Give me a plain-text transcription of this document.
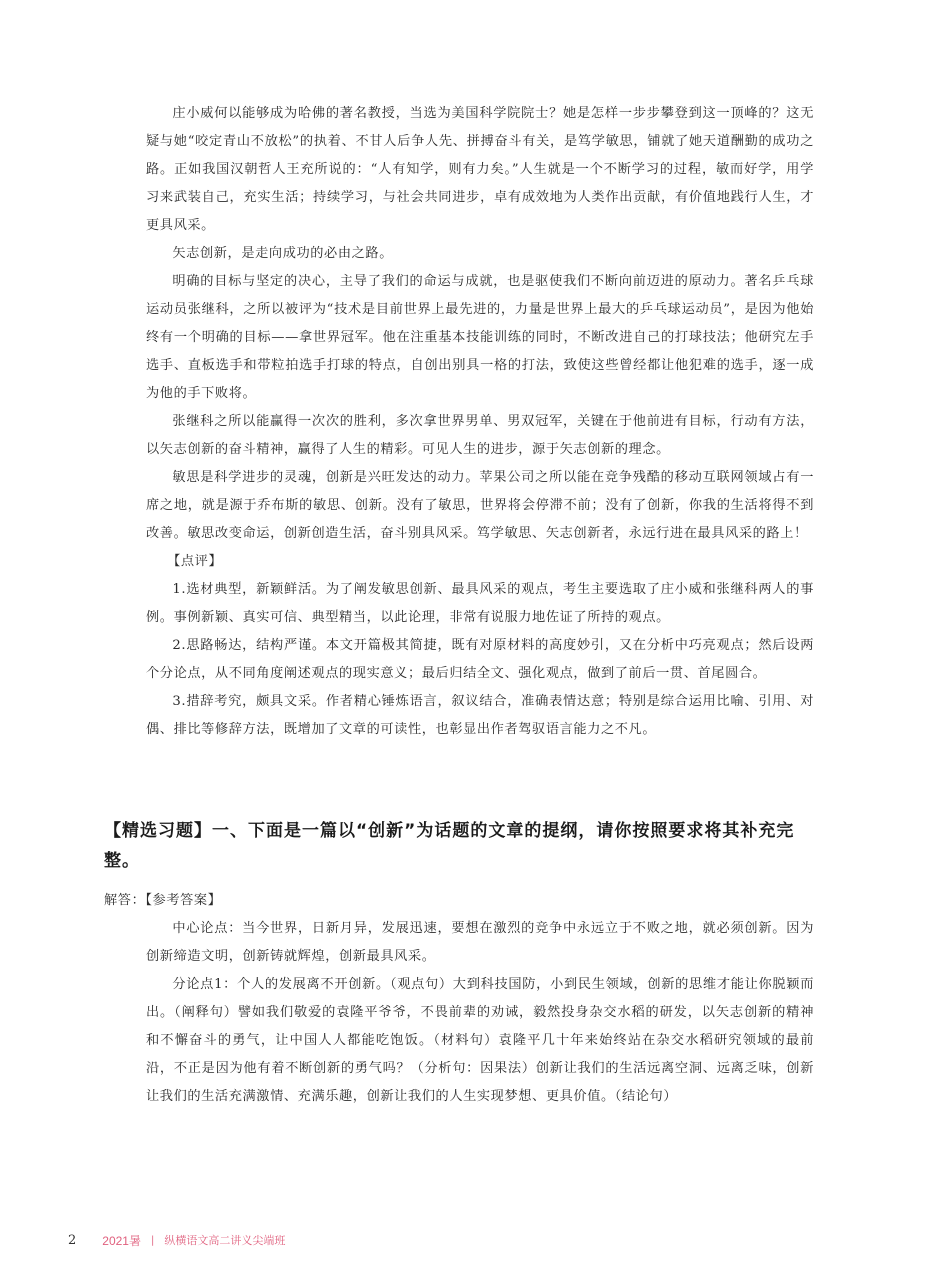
庄小威何以能够成为哈佛的著名教授，当选为美国科学院院士？她是怎样一步步攀登到这一顶峰的？这无疑与她“咬定青山不放松”的执着、不甘人后争人先、拼搏奋斗有关，是笃学敏思，铺就了她天道酬勤的成功之路。正如我国汉朝哲人王充所说的：“人有知学，则有力矣。”人生就是一个不断学习的过程，敏而好学，用学习来武装自己，充实生活；持续学习，与社会共同进步，卓有成效地为人类作出贡献，有价值地践行人生，才更具风采。

矢志创新，是走向成功的必由之路。

明确的目标与坚定的决心，主导了我们的命运与成就，也是驱使我们不断向前迈进的原动力。著名乒乓球运动员张继科，之所以被评为“技术是目前世界上最先进的，力量是世界上最大的乒乓球运动员”，是因为他始终有一个明确的目标——拿世界冠军。他在注重基本技能训练的同时，不断改进自己的打球技法；他研究左手选手、直板选手和带粒拍选手打球的特点，自创出别具一格的打法，致使这些曾经都让他犯难的选手，逐一成为他的手下败将。

张继科之所以能赢得一次次的胜利，多次拿世界男单、男双冠军，关键在于他前进有目标，行动有方法，以矢志创新的奋斗精神，赢得了人生的精彩。可见人生的进步，源于矢志创新的理念。

敏思是科学进步的灵魂，创新是兴旺发达的动力。苹果公司之所以能在竞争残酷的移动互联网领域占有一席之地，就是源于乔布斯的敏思、创新。没有了敏思，世界将会停滞不前；没有了创新，你我的生活将得不到改善。敏思改变命运，创新创造生活，奋斗别具风采。笃学敏思、矢志创新者，永远行进在最具风采的路上！

【点评】

1.选材典型，新颖鲜活。为了阐发敏思创新、最具风采的观点，考生主要选取了庄小威和张继科两人的事例。事例新颖、真实可信、典型精当，以此论理，非常有说服力地佐证了所持的观点。

2.思路畅达，结构严谨。本文开篇极其简捷，既有对原材料的高度妙引，又在分析中巧亮观点；然后设两个分论点，从不同角度阐述观点的现实意义；最后归结全文、强化观点，做到了前后一贯、首尾圆合。

3.措辞考究，颇具文采。作者精心锤炼语言，叙议结合，准确表情达意；特别是综合运用比喻、引用、对偶、排比等修辞方法，既增加了文章的可读性，也彰显出作者驾驭语言能力之不凡。

【精选习题】一、下面是一篇以“创新”为话题的文章的提纲，请你按照要求将其补充完整。
解答：【参考答案】

中心论点：当今世界，日新月异，发展迅速，要想在激烈的竞争中永远立于不败之地，就必须创新。因为创新缔造文明，创新铸就辉煌，创新最具风采。

分论点1：个人的发展离不开创新。（观点句）大到科技国防，小到民生领域，创新的思维才能让你脱颖而出。（阐释句）譬如我们敬爱的袁隆平爷爷，不畏前辈的劝诫，毅然投身杂交水稻的研发，以矢志创新的精神和不懈奋斗的勇气，让中国人人都能吃饱饭。（材料句）袁隆平几十年来始终站在杂交水稻研究领域的最前沿，不正是因为他有着不断创新的勇气吗？（分析句：因果法）创新让我们的生活远离空洞、远离乏味，创新让我们的生活充满激情、充满乐趣，创新让我们的人生实现梦想、更具价值。（结论句）

2 2021暑 | 纵横语文高二讲义尖端班
